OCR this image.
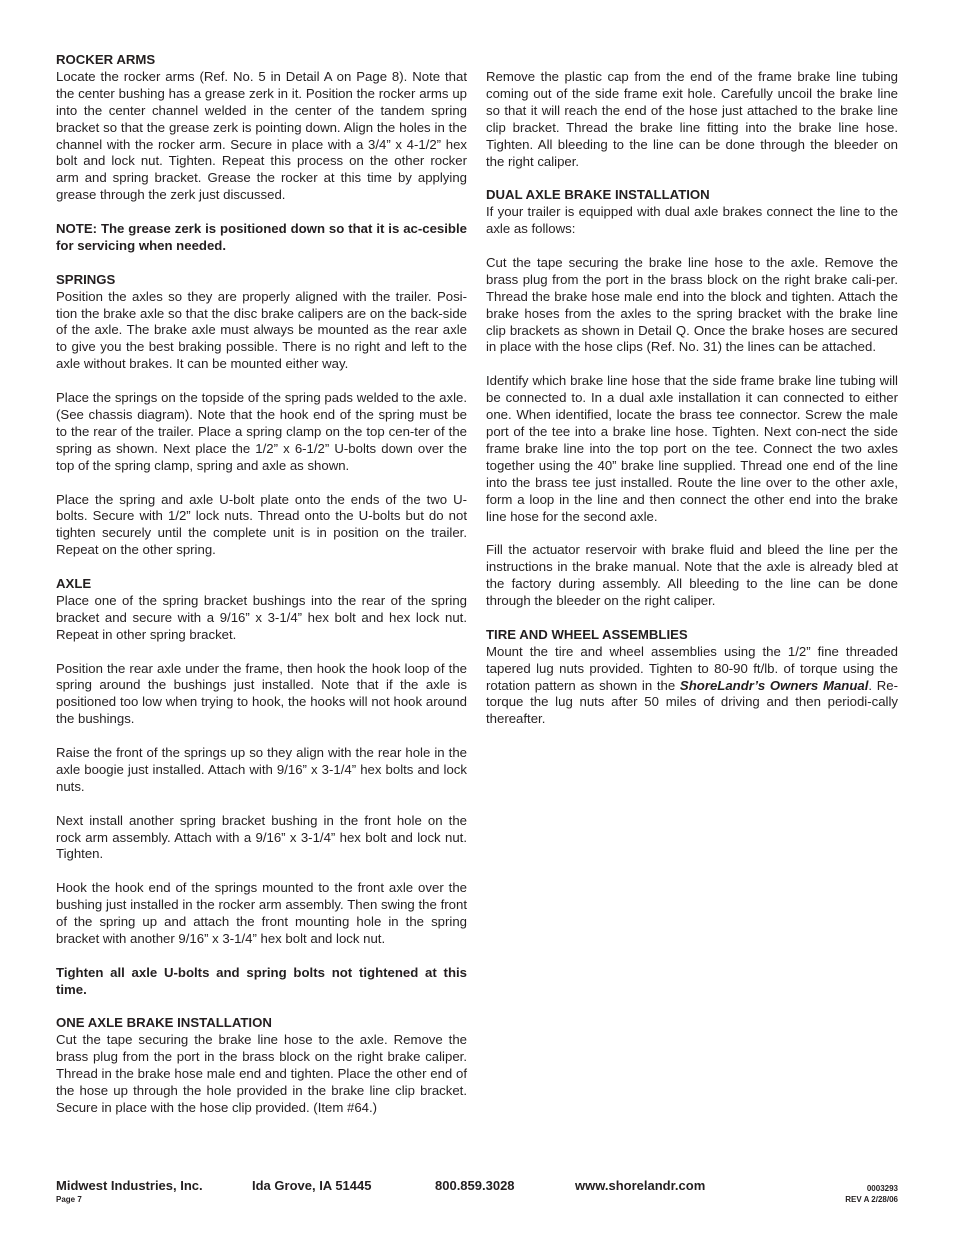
ROCKER ARMS
Locate the rocker arms (Ref. No. 5 in Detail A on Page 8). Note that the center bushing has a grease zerk in it. Position the rocker arms up into the center channel welded in the center of the tandem spring bracket so that the grease zerk is pointing down. Align the holes in the channel with the rocker arm. Secure in place with a 3/4” x 4-1/2” hex bolt and lock nut. Tighten. Repeat this process on the other rocker arm and spring bracket. Grease the rocker at this time by applying grease through the zerk just discussed.

NOTE: The grease zerk is positioned down so that it is ac-cesible for servicing when needed.

SPRINGS

Position the axles so they are properly aligned with the trailer. Posi-tion the brake axle so that the disc brake calipers are on the back-side of the axle. The brake axle must always be mounted as the rear axle to give you the best braking possible. There is no right and left to the axle without brakes. It can be mounted either way.

Place the springs on the topside of the spring pads welded to the axle. (See chassis diagram). Note that the hook end of the spring must be to the rear of the trailer. Place a spring clamp on the top cen-ter of the spring as shown. Next place the 1/2” x 6-1/2” U-bolts down over the top of the spring clamp, spring and axle as shown.

Place the spring and axle U-bolt plate onto the ends of the two U-bolts. Secure with 1/2” lock nuts. Thread onto the U-bolts but do not tighten securely until the complete unit is in position on the trailer. Repeat on the other spring.
AXLE

Place one of the spring bracket bushings into the rear of the spring bracket and secure with a 9/16” x 3-1/4” hex bolt and hex lock nut. Repeat in other spring bracket.

Position the rear axle under the frame, then hook the hook loop of the spring around the bushings just installed. Note that if the axle is positioned too low when trying to hook, the hooks will not hook around the bushings.

Raise the front of the springs up so they align with the rear hole in the axle boogie just installed. Attach with 9/16” x 3-1/4” hex bolts and lock nuts.

Next install another spring bracket bushing in the front hole on the rock arm assembly. Attach with a 9/16” x 3-1/4” hex bolt and lock nut. Tighten.

Hook the hook end of the springs mounted to the front axle over the bushing just installed in the rocker arm assembly. Then swing the front of the spring up and attach the front mounting hole in the spring bracket with another 9/16” x 3-1/4” hex bolt and lock nut.

Tighten all axle U-bolts and spring bolts not tightened at this time.

ONE AXLE BRAKE INSTALLATION
Cut the tape securing the brake line hose to the axle. Remove the brass plug from the port in the brass block on the right brake caliper. Thread in the brake hose male end and tighten. Place the other end of the hose up through the hole provided in the brake line clip bracket. Secure in place with the hose clip provided. (Item #64.)

Remove the plastic cap from the end of the frame brake line tubing coming out of the side frame exit hole. Carefully uncoil the brake line so that it will reach the end of the hose just attached to the brake line clip bracket. Thread the brake line fitting into the brake line hose. Tighten. All bleeding to the line can be done through the bleeder on the right caliper.

DUAL AXLE BRAKE INSTALLATION

If your trailer is equipped with dual axle brakes connect the line to the axle as follows:

Cut the tape securing the brake line hose to the axle. Remove the brass plug from the port in the brass block on the right brake cali-per. Thread the brake hose male end into the block and tighten. Attach the brake hoses from the axles to the spring bracket with the brake line clip brackets as shown in Detail Q. Once the brake hoses are secured in place with the hose clips (Ref. No. 31) the lines can be attached.

Identify which brake line hose that the side frame brake line tubing will be connected to. In a dual axle installation it can connected to either one. When identified, locate the brass tee connector. Screw the male port of the tee into a brake line hose. Tighten. Next con-nect the side frame brake line into the top port on the tee. Connect the two axles together using the 40” brake line supplied. Thread one end of the line into the brass tee just installed. Route the line over to the other axle, form a loop in the line and then connect the other end into the brake line hose for the second axle.

Fill the actuator reservoir with brake fluid and bleed the line per the instructions in the brake manual. Note that the axle is already bled at the factory during assembly. All bleeding to the line can be done through the bleeder on the right caliper.
TIRE AND WHEEL ASSEMBLIES
Mount the tire and wheel assemblies using the 1/2” fine threaded tapered lug nuts provided. Tighten to 80-90 ft/lb. of torque using the rotation pattern as shown in the ShoreLandr’s Owners Manual. Re-torque the lug nuts after 50 miles of driving and then periodi-cally thereafter.
Midwest Industries, Inc.	Ida Grove, IA 51445	800.859.3028	www.shorelandr.com
Page 7
0003293
REV A 2/28/06
